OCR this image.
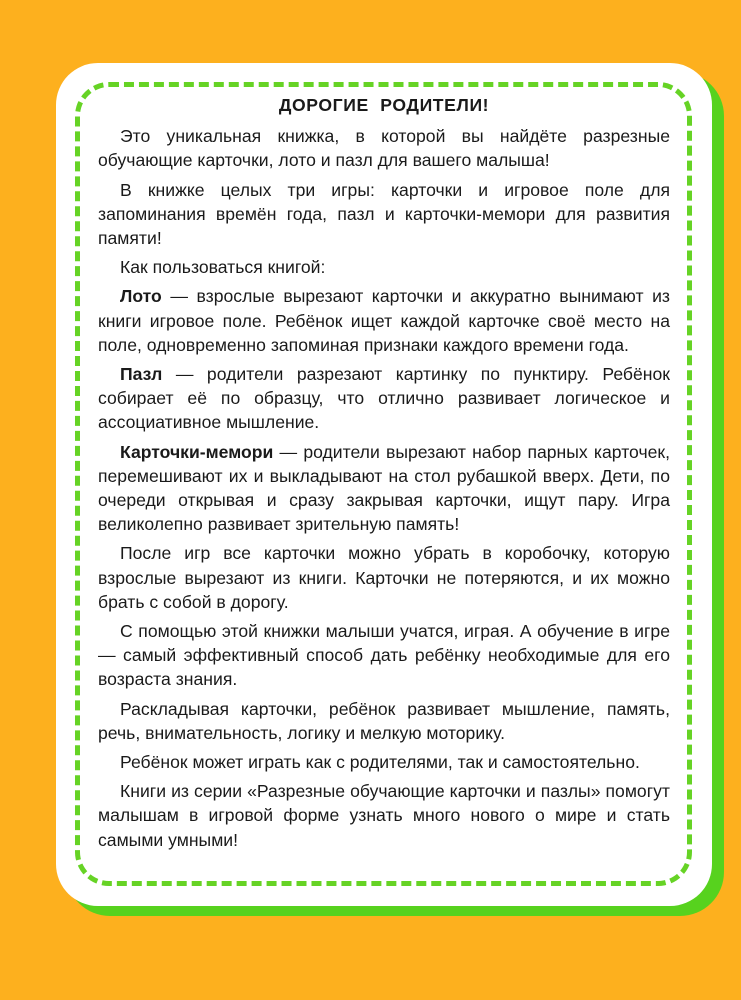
ДОРОГИЕ РОДИТЕЛИ!

Это уникальная книжка, в которой вы найдёте разрезные обучающие карточки, лото и пазл для вашего малыша!

В книжке целых три игры: карточки и игровое поле для запоминания времён года, пазл и карточки-мемори для развития памяти!

Как пользоваться книгой:

Лото — взрослые вырезают карточки и аккуратно вынимают из книги игровое поле. Ребёнок ищет каждой карточке своё место на поле, одновременно запоминая признаки каждого времени года.

Пазл — родители разрезают картинку по пунктиру. Ребёнок собирает её по образцу, что отлично развивает логическое и ассоциативное мышление.

Карточки-мемори — родители вырезают набор парных карточек, перемешивают их и выкладывают на стол рубашкой вверх. Дети, по очереди открывая и сразу закрывая карточки, ищут пару. Игра великолепно развивает зрительную память!

После игр все карточки можно убрать в коробочку, которую взрослые вырезают из книги. Карточки не потеряются, и их можно брать с собой в дорогу.

С помощью этой книжки малыши учатся, играя. А обучение в игре — самый эффективный способ дать ребёнку необходимые для его возраста знания.

Раскладывая карточки, ребёнок развивает мышление, память, речь, внимательность, логику и мелкую моторику.

Ребёнок может играть как с родителями, так и самостоятельно.

Книги из серии «Разрезные обучающие карточки и пазлы» помогут малышам в игровой форме узнать много нового о мире и стать самыми умными!
